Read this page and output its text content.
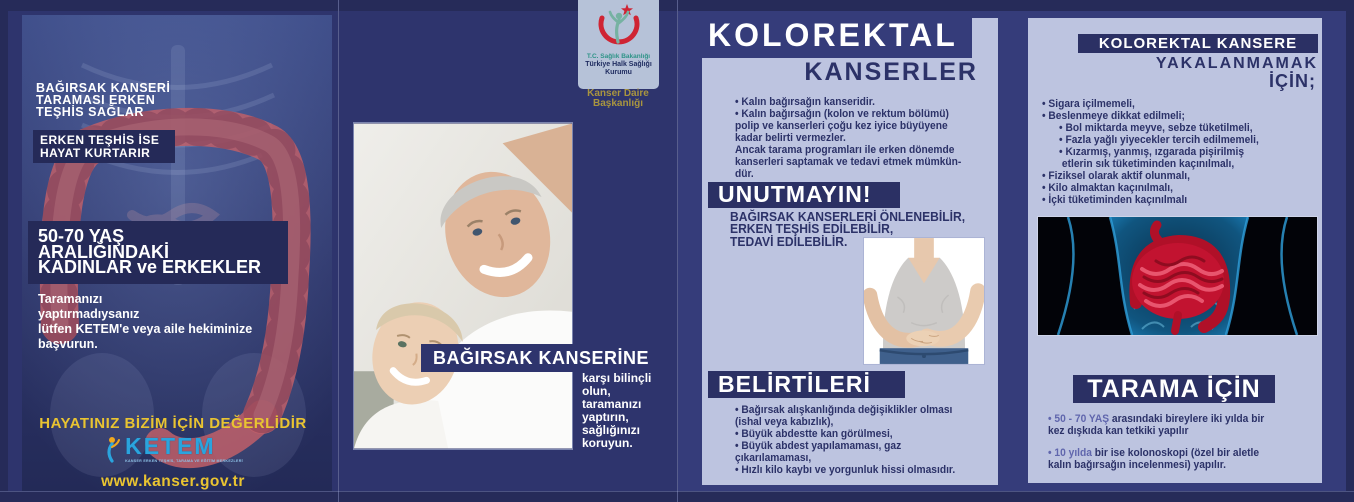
BAĞIRSAK KANSERİ
TARAMASI ERKEN
TEŞHİS SAĞLAR
ERKEN TEŞHİS İSE
HAYAT KURTARIR
50-70 YAŞ
ARALIĞINDAKİ
KADINLAR ve ERKEKLER
Taramanızı
yaptırmadıysanız
lütfen KETEM'e veya aile hekiminize
başvurun.
HAYATINIZ BİZİM İÇİN DEĞERLİDİR
KETEM
KANSER ERKEN TEŞHİS, TARAMA VE EĞİTİM MERKEZLERİ
www.kanser.gov.tr
T.C. Sağlık Bakanlığı
Türkiye Halk Sağlığı
Kurumu
Kanser Daire
Başkanlığı
BAĞIRSAK KANSERİNE
karşı bilinçli
olun,
taramanızı
yaptırın,
sağlığınızı
koruyun.
KANSERLER
• Kalın bağırsağın kanseridir.
• Kalın bağırsağın (kolon ve rektum bölümü)
polip ve kanserleri çoğu kez iyice büyüyene
kadar belirti vermezler.
Ancak tarama programları ile erken dönemde
kanserleri saptamak ve tedavi etmek mümkün-
dür.
• Bağırsak alışkanlığında değişiklikler olması
(ishal veya kabızlık),
• Büyük abdestte kan görülmesi,
• Büyük abdest yapılamaması, gaz
çıkarılamaması,
• Hızlı kilo kaybı ve yorgunluk hissi olmasıdır.
KOLOREKTAL
UNUTMAYIN!
BAĞIRSAK KANSERLERİ ÖNLENEBİLİR,
ERKEN TEŞHİS EDİLEBİLİR,
TEDAVİ EDİLEBİLİR.
BELİRTİLERİ
KOLOREKTAL KANSERE
YAKALANMAMAK
İÇİN;
• Sigara içilmemeli,
• Beslenmeye dikkat edilmeli;
• Bol miktarda meyve, sebze tüketilmeli,
• Fazla yağlı yiyecekler tercih edilmemeli,
• Kızarmış, yanmış, ızgarada pişirilmiş
etlerin sık tüketiminden kaçınılmalı,
• Fiziksel olarak aktif olunmalı,
• Kilo almaktan kaçınılmalı,
• İçki tüketiminden kaçınılmalı
TARAMA İÇİN
• 50 - 70 YAŞ arasındaki bireylere iki yılda bir
kez dışkıda kan tetkiki yapılır
• 10 yılda bir ise kolonoskopi (özel bir aletle
kalın bağırsağın incelenmesi) yapılır.
